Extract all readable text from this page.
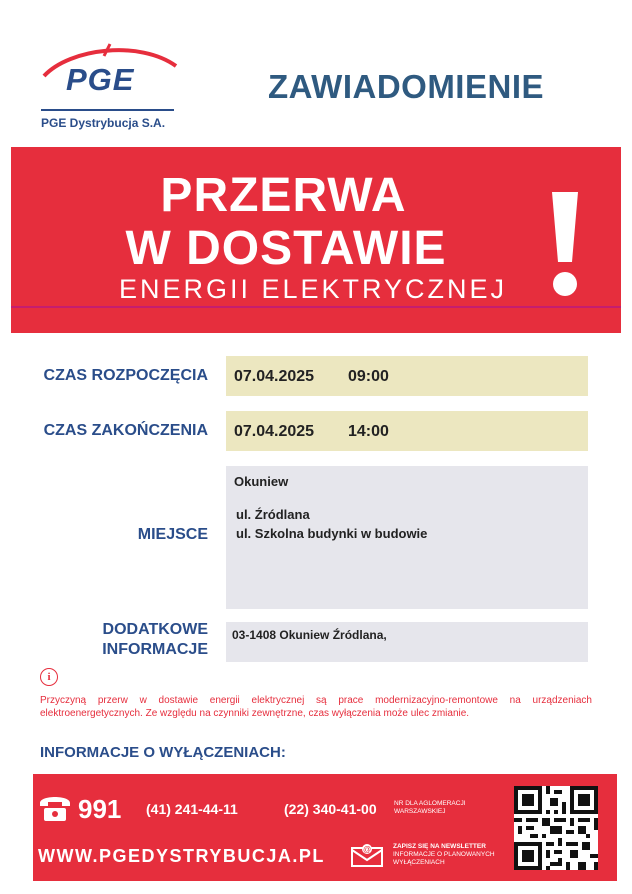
PGE
PGE Dystrybucja S.A.
ZAWIADOMIENIE
PRZERWA
W DOSTAWIE
ENERGII ELEKTRYCZNEJ
CZAS ROZPOCZĘCIA 07.04.2025 09:00
CZAS ZAKOŃCZENIA 07.04.2025 14:00
MIEJSCE
Okuniew
ul. Źródlana
ul. Szkolna budynki w budowie
DODATKOWE
INFORMACJE
03-1408 Okuniew Źródlana,
i
Przyczyną przerw w dostawie energii elektrycznej są prace modernizacyjno-remontowe na urządzeniach elektroenergetycznych. Ze względu na czynniki zewnętrzne, czas wyłączenia może ulec zmianie.
INFORMACJE O WYŁĄCZENIACH:
991 (41) 241-44-11	(22) 340-41-00	NR DLA AGLOMERACJI
WARSZAWSKIEJ
WWW.PGEDYSTRYBUCJA.PL	@	ZAPISZ SIĘ NA NEWSLETTER
INFORMACJE O PLANOWANYCH
WYŁĄCZENIACH
